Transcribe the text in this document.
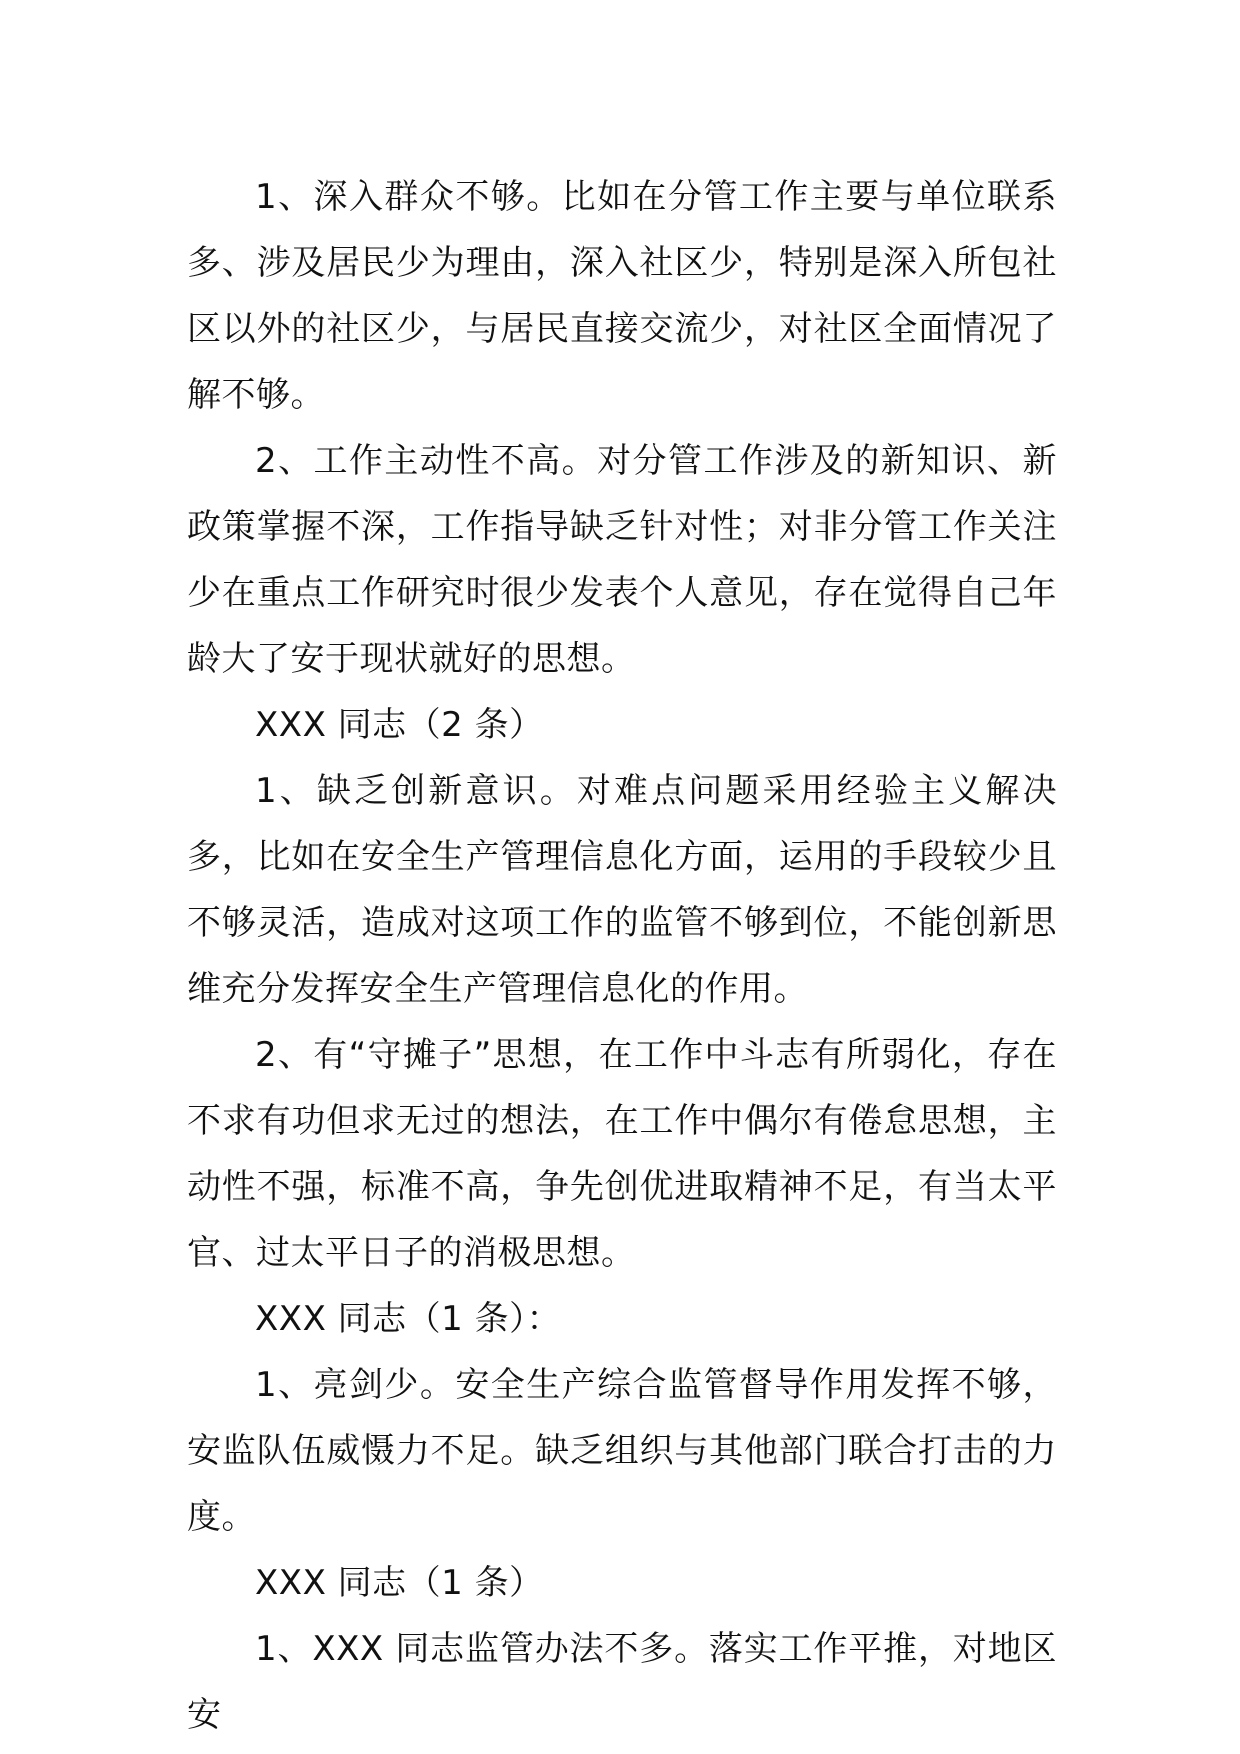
1、深入群众不够。比如在分管工作主要与单位联系多、涉及居民少为理由，深入社区少，特别是深入所包社区以外的社区少，与居民直接交流少，对社区全面情况了解不够。

2、工作主动性不高。对分管工作涉及的新知识、新政策掌握不深，工作指导缺乏针对性；对非分管工作关注少在重点工作研究时很少发表个人意见，存在觉得自己年龄大了安于现状就好的思想。

XXX 同志（2 条）

1、缺乏创新意识。对难点问题采用经验主义解决多，比如在安全生产管理信息化方面，运用的手段较少且不够灵活，造成对这项工作的监管不够到位，不能创新思维充分发挥安全生产管理信息化的作用。

2、有“守摊子”思想，在工作中斗志有所弱化，存在不求有功但求无过的想法，在工作中偶尔有倦怠思想，主动性不强，标准不高，争先创优进取精神不足，有当太平官、过太平日子的消极思想。

XXX 同志（1 条）：

1、亮剑少。安全生产综合监管督导作用发挥不够，安监队伍威慑力不足。缺乏组织与其他部门联合打击的力度。

XXX 同志（1 条）

1、XXX 同志监管办法不多。落实工作平推，对地区安
